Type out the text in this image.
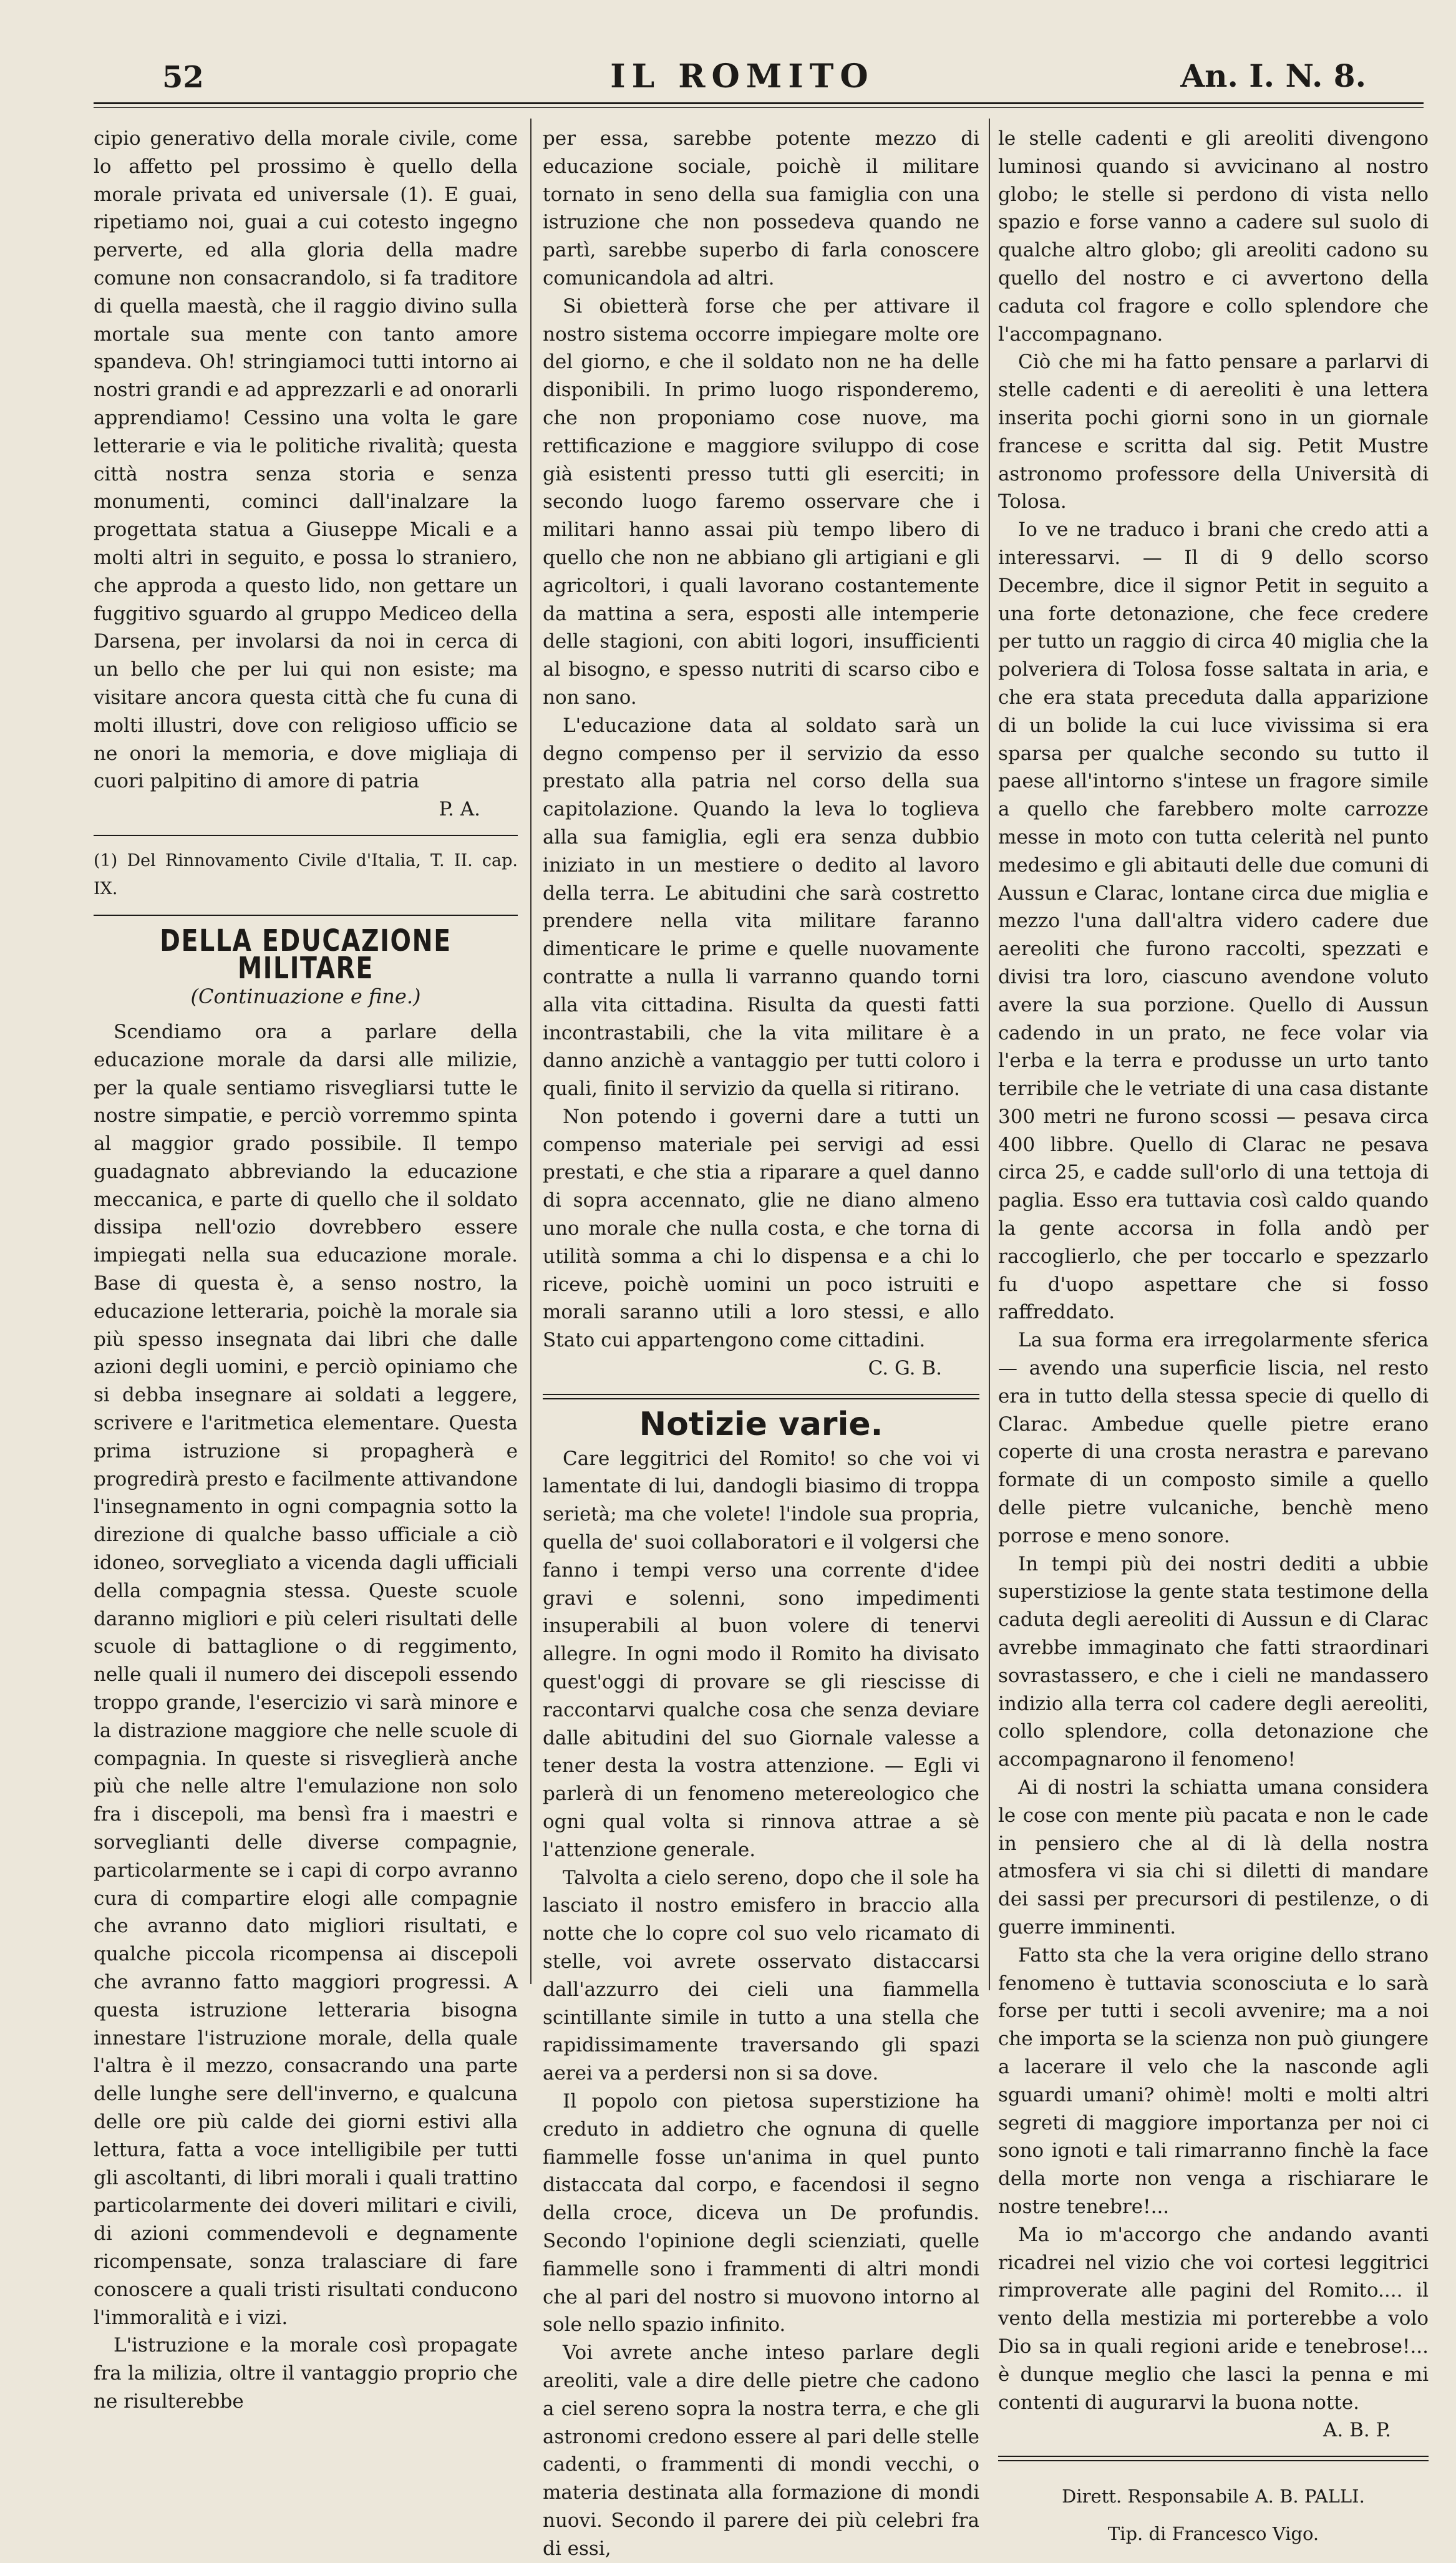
52	IL ROMITO	An. I. N. 8.

cipio generativo della morale civile, come lo affetto pel prossimo è quello della morale privata ed universale (1). E guai, ripetiamo noi, guai a cui cotesto ingegno perverte, ed alla gloria della madre comune non consacrandolo, si fa traditore di quella maestà, che il raggio divino sulla mortale sua mente con tanto amore spandeva. Oh! stringiamoci tutti intorno ai nostri grandi e ad apprezzarli e ad onorarli apprendiamo! Cessino una volta le gare letterarie e via le politiche rivalità; questa città nostra senza storia e senza monumenti, cominci dall'inalzare la progettata statua a Giuseppe Micali e a molti altri in seguito, e possa lo straniero, che approda a questo lido, non gettare un fuggitivo sguardo al gruppo Mediceo della Darsena, per involarsi da noi in cerca di un bello che per lui qui non esiste; ma visitare ancora questa città che fu cuna di molti illustri, dove con religioso ufficio se ne onori la memoria, e dove migliaja di cuori palpitino di amore di patria

P. A.

(1) Del Rinnovamento Civile d'Italia, T. II. cap. IX.

DELLA EDUCAZIONE MILITARE
(Continuazione e fine.)

Scendiamo ora a parlare della educazione morale da darsi alle milizie, per la quale sentiamo risvegliarsi tutte le nostre simpatie, e perciò vorremmo spinta al maggior grado possibile. Il tempo guadagnato abbreviando la educazione meccanica, e parte di quello che il soldato dissipa nell'ozio dovrebbero essere impiegati nella sua educazione morale. Base di questa è, a senso nostro, la educazione letteraria, poichè la morale sia più spesso insegnata dai libri che dalle azioni degli uomini, e perciò opiniamo che si debba insegnare ai soldati a leggere, scrivere e l'aritmetica elementare. Questa prima istruzione si propagherà e progredirà presto e facilmente attivandone l'insegnamento in ogni compagnia sotto la direzione di qualche basso ufficiale a ciò idoneo, sorvegliato a vicenda dagli ufficiali della compagnia stessa. Queste scuole daranno migliori e più celeri risultati delle scuole di battaglione o di reggimento, nelle quali il numero dei discepoli essendo troppo grande, l'esercizio vi sarà minore e la distrazione maggiore che nelle scuole di compagnia. In queste si risveglierà anche più che nelle altre l'emulazione non solo fra i discepoli, ma bensì fra i maestri e sorveglianti delle diverse compagnie, particolarmente se i capi di corpo avranno cura di compartire elogi alle compagnie che avranno dato migliori risultati, e qualche piccola ricompensa ai discepoli che avranno fatto maggiori progressi. A questa istruzione letteraria bisogna innestare l'istruzione morale, della quale l'altra è il mezzo, consacrando una parte delle lunghe sere dell'inverno, e qualcuna delle ore più calde dei giorni estivi alla lettura, fatta a voce intelligibile per tutti gli ascoltanti, di libri morali i quali trattino particolarmente dei doveri militari e civili, di azioni commendevoli e degnamente ricompensate, sonza tralasciare di fare conoscere a quali tristi risultati conducono l'immoralità e i vizi.

L'istruzione e la morale così propagate fra la milizia, oltre il vantaggio proprio che ne risulterebbe

per essa, sarebbe potente mezzo di educazione sociale, poichè il militare tornato in seno della sua famiglia con una istruzione che non possedeva quando ne partì, sarebbe superbo di farla conoscere comunicandola ad altri.

Si obietterà forse che per attivare il nostro sistema occorre impiegare molte ore del giorno, e che il soldato non ne ha delle disponibili. In primo luogo risponderemo, che non proponiamo cose nuove, ma rettificazione e maggiore sviluppo di cose già esistenti presso tutti gli eserciti; in secondo luogo faremo osservare che i militari hanno assai più tempo libero di quello che non ne abbiano gli artigiani e gli agricoltori, i quali lavorano costantemente da mattina a sera, esposti alle intemperie delle stagioni, con abiti logori, insufficienti al bisogno, e spesso nutriti di scarso cibo e non sano.

L'educazione data al soldato sarà un degno compenso per il servizio da esso prestato alla patria nel corso della sua capitolazione. Quando la leva lo toglieva alla sua famiglia, egli era senza dubbio iniziato in un mestiere o dedito al lavoro della terra. Le abitudini che sarà costretto prendere nella vita militare faranno dimenticare le prime e quelle nuovamente contratte a nulla li varranno quando torni alla vita cittadina. Risulta da questi fatti incontrastabili, che la vita militare è a danno anzichè a vantaggio per tutti coloro i quali, finito il servizio da quella si ritirano.

Non potendo i governi dare a tutti un compenso materiale pei servigi ad essi prestati, e che stia a riparare a quel danno di sopra accennato, glie ne diano almeno uno morale che nulla costa, e che torna di utilità somma a chi lo dispensa e a chi lo riceve, poichè uomini un poco istruiti e morali saranno utili a loro stessi, e allo Stato cui appartengono come cittadini.

C. G. B.
Notizie varie.

Care leggitrici del Romito! so che voi vi lamentate di lui, dandogli biasimo di troppa serietà; ma che volete! l'indole sua propria, quella de' suoi collaboratori e il volgersi che fanno i tempi verso una corrente d'idee gravi e solenni, sono impedimenti insuperabili al buon volere di tenervi allegre. In ogni modo il Romito ha divisato quest'oggi di provare se gli riescisse di raccontarvi qualche cosa che senza deviare dalle abitudini del suo Giornale valesse a tener desta la vostra attenzione. — Egli vi parlerà di un fenomeno metereologico che ogni qual volta si rinnova attrae a sè l'attenzione generale.

Talvolta a cielo sereno, dopo che il sole ha lasciato il nostro emisfero in braccio alla notte che lo copre col suo velo ricamato di stelle, voi avrete osservato distaccarsi dall'azzurro dei cieli una fiammella scintillante simile in tutto a una stella che rapidissimamente traversando gli spazi aerei va a perdersi non si sa dove.

Il popolo con pietosa superstizione ha creduto in addietro che ognuna di quelle fiammelle fosse un'anima in quel punto distaccata dal corpo, e facendosi il segno della croce, diceva un De profundis. Secondo l'opinione degli scienziati, quelle fiammelle sono i frammenti di altri mondi che al pari del nostro si muovono intorno al sole nello spazio infinito.

Voi avrete anche inteso parlare degli areoliti, vale a dire delle pietre che cadono a ciel sereno sopra la nostra terra, e che gli astronomi credono essere al pari delle stelle cadenti, o frammenti di mondi vecchi, o materia destinata alla formazione di mondi nuovi. Secondo il parere dei più celebri fra di essi,

le stelle cadenti e gli areoliti divengono luminosi quando si avvicinano al nostro globo; le stelle si perdono di vista nello spazio e forse vanno a cadere sul suolo di qualche altro globo; gli areoliti cadono su quello del nostro e ci avvertono della caduta col fragore e collo splendore che l'accompagnano.

Ciò che mi ha fatto pensare a parlarvi di stelle cadenti e di aereoliti è una lettera inserita pochi giorni sono in un giornale francese e scritta dal sig. Petit Mustre astronomo professore della Università di Tolosa.

Io ve ne traduco i brani che credo atti a interessarvi. — Il di 9 dello scorso Decembre, dice il signor Petit in seguito a una forte detonazione, che fece credere per tutto un raggio di circa 40 miglia che la polveriera di Tolosa fosse saltata in aria, e che era stata preceduta dalla apparizione di un bolide la cui luce vivissima si era sparsa per qualche secondo su tutto il paese all'intorno s'intese un fragore simile a quello che farebbero molte carrozze messe in moto con tutta celerità nel punto medesimo e gli abitauti delle due comuni di Aussun e Clarac, lontane circa due miglia e mezzo l'una dall'altra videro cadere due aereoliti che furono raccolti, spezzati e divisi tra loro, ciascuno avendone voluto avere la sua porzione. Quello di Aussun cadendo in un prato, ne fece volar via l'erba e la terra e produsse un urto tanto terribile che le vetriate di una casa distante 300 metri ne furono scossi — pesava circa 400 libbre. Quello di Clarac ne pesava circa 25, e cadde sull'orlo di una tettoja di paglia. Esso era tuttavia così caldo quando la gente accorsa in folla andò per raccoglierlo, che per toccarlo e spezzarlo fu d'uopo aspettare che si fosso raffreddato.

La sua forma era irregolarmente sferica — avendo una superficie liscia, nel resto era in tutto della stessa specie di quello di Clarac. Ambedue quelle pietre erano coperte di una crosta nerastra e parevano formate di un composto simile a quello delle pietre vulcaniche, benchè meno porrose e meno sonore.

In tempi più dei nostri dediti a ubbie superstiziose la gente stata testimone della caduta degli aereoliti di Aussun e di Clarac avrebbe immaginato che fatti straordinari sovrastassero, e che i cieli ne mandassero indizio alla terra col cadere degli aereoliti, collo splendore, colla detonazione che accompagnarono il fenomeno!

Ai di nostri la schiatta umana considera le cose con mente più pacata e non le cade in pensiero che al di là della nostra atmosfera vi sia chi si diletti di mandare dei sassi per precursori di pestilenze, o di guerre imminenti.

Fatto sta che la vera origine dello strano fenomeno è tuttavia sconosciuta e lo sarà forse per tutti i secoli avvenire; ma a noi che importa se la scienza non può giungere a lacerare il velo che la nasconde agli sguardi umani? ohimè! molti e molti altri segreti di maggiore importanza per noi ci sono ignoti e tali rimarranno finchè la face della morte non venga a rischiarare le nostre tenebre!...

Ma io m'accorgo che andando avanti ricadrei nel vizio che voi cortesi leggitrici rimproverate alle pagini del Romito.... il vento della mestizia mi porterebbe a volo Dio sa in quali regioni aride e tenebrose!... è dunque meglio che lasci la penna e mi contenti di augurarvi la buona notte.

A. B. P.
Dirett. Responsabile A. B. PALLI.
Tip. di Francesco Vigo.
